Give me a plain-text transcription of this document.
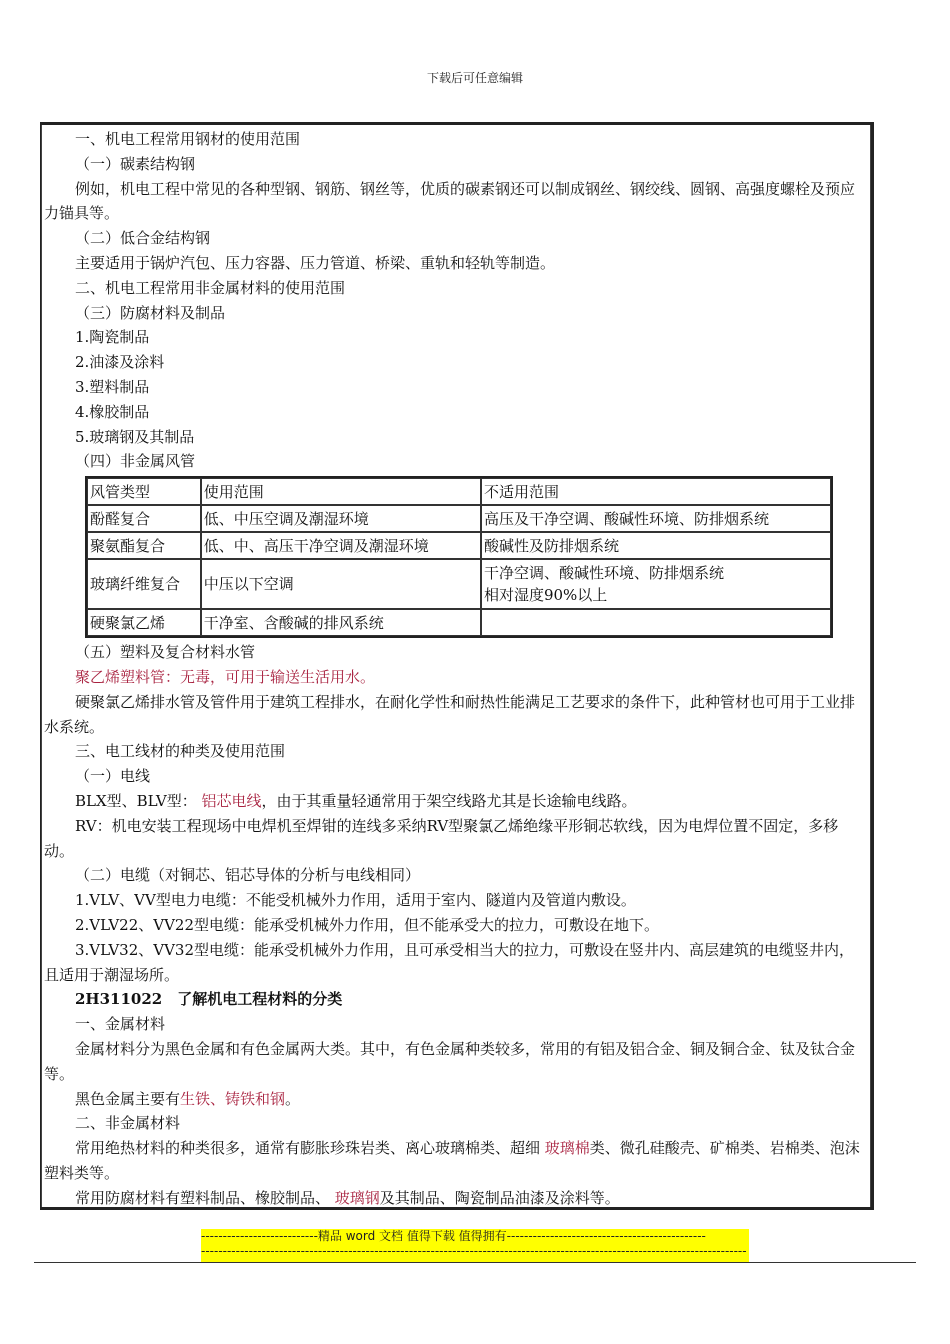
下载后可任意编辑
一、机电工程常用钢材的使用范围
（一）碳素结构钢
例如，机电工程中常见的各种型钢、钢筋、钢丝等，优质的碳素钢还可以制成钢丝、钢绞线、圆钢、高强度螺栓及预应力锚具等。
（二）低合金结构钢
主要适用于锅炉汽包、压力容器、压力管道、桥梁、重轨和轻轨等制造。
二、机电工程常用非金属材料的使用范围
（三）防腐材料及制品
1.陶瓷制品
2.油漆及涂料
3.塑料制品
4.橡胶制品
5.玻璃钢及其制品
（四）非金属风管
风管类型	使用范围	不适用范围
酚醛复合	低、中压空调及潮湿环境	高压及干净空调、酸碱性环境、防排烟系统
聚氨酯复合	低、中、高压干净空调及潮湿环境	酸碱性及防排烟系统
玻璃纤维复合	中压以下空调	干净空调、酸碱性环境、防排烟系统
相对湿度90%以上

硬聚氯乙烯	干净室、含酸碱的排风系统	
（五）塑料及复合材料水管
聚乙烯塑料管：无毒，可用于输送生活用水。
硬聚氯乙烯排水管及管件用于建筑工程排水，在耐化学性和耐热性能满足工艺要求的条件下，此种管材也可用于工业排水系统。
三、电工线材的种类及使用范围
（一）电线
BLX型、BLV型： 铝芯电线，由于其重量轻通常用于架空线路尤其是长途输电线路。
RV：机电安装工程现场中电焊机至焊钳的连线多采纳RV型聚氯乙烯绝缘平形铜芯软线，因为电焊位置不固定，多移动。
（二）电缆（对铜芯、铝芯导体的分析与电线相同）
1.VLV、VV型电力电缆：不能受机械外力作用，适用于室内、隧道内及管道内敷设。
2.VLV22、VV22型电缆：能承受机械外力作用，但不能承受大的拉力，可敷设在地下。
3.VLV32、VV32型电缆：能承受机械外力作用，且可承受相当大的拉力，可敷设在竖井内、高层建筑的电缆竖井内，且适用于潮湿场所。
2H311022　了解机电工程材料的分类
一、金属材料
金属材料分为黑色金属和有色金属两大类。其中，有色金属种类较多，常用的有铝及铝合金、铜及铜合金、钛及钛合金等。
黑色金属主要有生铁、铸铁和钢。
二、非金属材料
常用绝热材料的种类很多，通常有膨胀珍珠岩类、离心玻璃棉类、超细 玻璃棉类、微孔硅酸壳、矿棉类、岩棉类、泡沫塑料类等。
常用防腐材料有塑料制品、橡胶制品、 玻璃钢及其制品、陶瓷制品油漆及涂料等。
---------------------------精品 word 文档 值得下载 值得拥有----------------------------------------------
------------------------------------------------------------------------------------------------------------------------------
